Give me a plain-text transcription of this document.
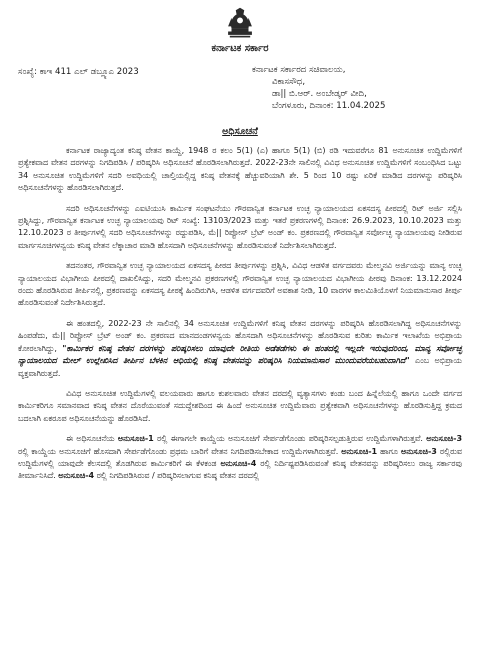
ಕರ್ನಾಟಕ ಸರ್ಕಾರ
ಸಂಖ್ಯೆ: ಕಾಇ 411 ಎಲ್ ಡಬ್ಲ್ಯೂಎ 2023	ಕರ್ನಾಟಕ ಸರ್ಕಾರದ ಸಚಿವಾಲಯ,
ವಿಕಾಸಸೌಧ,
ಡಾ|| ಬಿ.ಆರ್. ಅಂಬೇಡ್ಕರ್ ವೀದಿ,
ಬೆಂಗಳೂರು, ದಿನಾಂಕ: 11.04.2025
ಅಧಿಸೂಚನೆ

ಕರ್ನಾಟಕ ರಾಜ್ಯಾದ್ಯಂತ ಕನಿಷ್ಠ ವೇತನ ಕಾಯ್ದೆ, 1948 ರ ಕಲಂ 5(1) (ಎ) ಹಾಗೂ 5(1) (ಬಿ) ರಡಿ ಇದುವರೆಗೂ 81 ಅನುಸೂಚಿತ ಉದ್ದಿಮೆಗಳಿಗೆ ಪ್ರತ್ಯೇಕವಾದ ವೇತನ ದರಗಳನ್ನು ನಿಗದಿಪಡಿಸಿ / ಪರಿಷ್ಕರಿಸಿ ಅಧಿಸೂಚನೆ ಹೊರಡಿಸಲಾಗಿರುತ್ತದೆ. 2022-23ನೇ ಸಾಲಿನಲ್ಲಿ ವಿವಿಧ ಅನುಸೂಚಿತ ಉದ್ದಿಮೆಗಳಿಗೆ ಸಂಬಂಧಿಸಿದ ಒಟ್ಟು 34 ಅನುಸೂಚಿತ ಉದ್ದಿಮೆಗಳಿಗೆ ಸದರಿ ಅವಧಿಯಲ್ಲಿ ಚಾಲ್ತಿಯಲ್ಲಿದ್ದ ಕನಿಷ್ಠ ವೇತನಕ್ಕೆ ಹೆಚ್ಚುವರಿಯಾಗಿ ಶೇ. 5 ರಿಂದ 10 ರಷ್ಟು ಏರಿಕೆ ಮಾಡಿದ ದರಗಳನ್ನು ಪರಿಷ್ಕರಿಸಿ ಅಧಿಸೂಚನೆಗಳನ್ನು ಹೊರಡಿಸಲಾಗಿರುತ್ತದೆ.

ಸದರಿ ಅಧಿಸೂಚನೆಗಳನ್ನು ಎಐಟಿಯುಸಿ ಕಾರ್ಮಿಕ ಸಂಘಟನೆಯು ಗೌರವಾನ್ವಿತ ಕರ್ನಾಟಕ ಉಚ್ಛ ನ್ಯಾಯಾಲಯದ ಏಕಸದಸ್ಯ ಪೀಠದಲ್ಲಿ ರಿಟ್ ಅರ್ಜಿ ಸಲ್ಲಿಸಿ ಪ್ರಶ್ನಿಸಿದ್ದು, ಗೌರವಾನ್ವಿತ ಕರ್ನಾಟಕ ಉಚ್ಛ ನ್ಯಾಯಾಲಯವು ರಿಟ್ ಸಂಖ್ಯೆ: 13103/2023 ಮತ್ತು ಇತರೆ ಪ್ರಕರಣಗಳಲ್ಲಿ ದಿನಾಂಕ: 26.9.2023, 10.10.2023 ಮತ್ತು 12.10.2023 ರ ತೀರ್ಪುಗಳಲ್ಲಿ ಸದರಿ ಅಧಿಸೂಚನೆಗಳನ್ನು ರದ್ದುಪಡಿಸಿ, ಮೆ|| ರಿಪ್ಟೋಸ್ ಬ್ರೆಟ್ ಅಂಡ್ ಕಂ. ಪ್ರಕರಣದಲ್ಲಿ ಗೌರವಾನ್ವಿತ ಸರ್ವೋಚ್ಛ ನ್ಯಾಯಾಲಯವು ನೀಡಿರುವ ಮಾರ್ಗಸೂಚಿಗಳನ್ವಯ ಕನಿಷ್ಠ ವೇತನ ಲೆಕ್ಕಾಚಾರ ಮಾಡಿ ಹೊಸದಾಗಿ ಅಧಿಸೂಚನೆಗಳನ್ನು ಹೊರಡಿಸುವಂತೆ ನಿರ್ದೇಶಿಸಲಾಗಿರುತ್ತದೆ.

ತದನಂತರ, ಗೌರವಾನ್ವಿತ ಉಚ್ಛ ನ್ಯಾಯಾಲಯದ ಏಕಸದಸ್ಯ ಪೀಠದ ತೀರ್ಪುಗಳನ್ನು ಪ್ರಶ್ನಿಸಿ, ವಿವಿಧ ಆಡಳಿತ ವರ್ಗದವರು ಮೇಲ್ಮನವಿ ಅರ್ಜಿಯನ್ನು ಮಾನ್ಯ ಉಚ್ಛ ನ್ಯಾಯಾಲಯದ ವಿಭಾಗೀಯ ಪೀಠದಲ್ಲಿ ದಾಖಲಿಸಿದ್ದು, ಸದರಿ ಮೇಲ್ಮನವಿ ಪ್ರಕರಣಗಳಲ್ಲಿ ಗೌರವಾನ್ವಿತ ಉಚ್ಛ ನ್ಯಾಯಾಲಯದ ವಿಭಾಗೀಯ ಪೀಠವು ದಿನಾಂಕ: 13.12.2024 ರಂದು ಹೊರಡಿಸಿರುವ ತೀರ್ಪಿನಲ್ಲಿ, ಪ್ರಕರಣವನ್ನು ಏಕಸದಸ್ಯ ಪೀಠಕ್ಕೆ ಹಿಂದಿರುಗಿಸಿ, ಆಡಳಿತ ವರ್ಗದವರಿಗೆ ಅವಕಾಶ ನೀಡಿ, 10 ವಾರಗಳ ಕಾಲಮಿತಿಯೊಳಗೆ ನಿಯಮಾನುಸಾರ ತೀರ್ಪು ಹೊರಡಿಸುವಂತೆ ನಿರ್ದೇಶಿಸಿರುತ್ತದೆ.

ಈ ಹಂತದಲ್ಲಿ, 2022-23 ನೇ ಸಾಲಿನಲ್ಲಿ 34 ಅನುಸೂಚಿತ ಉದ್ದಿಮೆಗಳಿಗೆ ಕನಿಷ್ಠ ವೇತನ ದರಗಳನ್ನು ಪರಿಷ್ಕರಿಸಿ ಹೊರಡಿಸಲಾಗಿದ್ದ ಅಧಿಸೂಚನೆಗಳನ್ನು ಹಿಂಪಡೆದು, ಮೆ|| ರಿಪ್ಟೋಸ್ ಬ್ರೆಟ್ ಅಂಡ್ ಕಂ. ಪ್ರಕರಣದ ಮಾನದಂಡಗಳನ್ವಯ ಹೊಸದಾಗಿ ಅಧಿಸೂಚನೆಗಳನ್ನು ಹೊರಡಿಸುವ ಕುರಿತು ಕಾರ್ಮಿಕ ಇಲಾಖೆಯ ಅಭಿಪ್ರಾಯ ಕೋರಲಾಗಿದ್ದು, "ಕಾರ್ಮಿಕರ ಕನಿಷ್ಠ ವೇತನ ದರಗಳನ್ನು ಪರಿಷ್ಕರಿಸಲು ಯಾವುದೇ ರೀತಿಯ ಅಡೆತಡೆಗಳು ಈ ಹಂತದಲ್ಲಿ ಇಲ್ಲದೇ ಇರುವುದರಿಂದ, ಮಾನ್ಯ ಸರ್ವೋಚ್ಛ ನ್ಯಾಯಾಲಯದ ಮೇಲ್ ಉಲ್ಲೇಖಿಸಿದ ತೀರ್ಪಿನ ಬೆಳಕಿನ ಆಧಿಯಲ್ಲಿ ಕನಿಷ್ಠ ವೇತನವನ್ನು ಪರಿಷ್ಕರಿಸಿ ನಿಯಮಾನುಸಾರ ಮುಂದುವರೆಯಬಹುದಾಗಿದೆ" ಎಂಬ ಅಭಿಪ್ರಾಯ ವ್ಯಕ್ತವಾಗಿರುತ್ತದೆ.

ವಿವಿಧ ಅನುಸೂಚಿತ ಉದ್ದಿಮೆಗಳಲ್ಲಿ ವಲಯವಾರು ಹಾಗೂ ಕುಶಲವಾರು ವೇತನ ದರದಲ್ಲಿ ವ್ಯತ್ಯಾಸಗಳು ಕಂಡು ಬಂದ ಹಿನ್ನೆಲೆಯಲ್ಲಿ ಹಾಗೂ ಒಂದೇ ವರ್ಗದ ಕಾರ್ಮಿಕರಿಗೂ ಸಮಾನವಾದ ಕನಿಷ್ಠ ವೇತನ ದೊರೆಯುವಂತೆ ಸದುದ್ದೇಶದಿಂದ ಈ ಹಿಂದೆ ಅನುಸೂಚಿತ ಉದ್ದಿಮೆವಾರು ಪ್ರತ್ಯೇಕವಾಗಿ ಅಧಿಸೂಚನೆಗಳನ್ನು ಹೊರಡಿಸುತ್ತಿದ್ದ ಕ್ರಮದ ಬದಲಾಗಿ ಏಕರೂಪ ಅಧಿಸೂಚನೆಯನ್ನು ಹೊರಡಿಸಿದೆ.

ಈ ಅಧಿಸೂಚನೆಯ ಅನುಸೂಚಿ-1 ರಲ್ಲಿ ಈಗಾಗಲೇ ಕಾಯ್ದೆಯ ಅನುಸೂಚಿಗೆ ಸೇರ್ಪಡೆಗೊಂಡು ಪರಿಷ್ಕರಿಸಲ್ಪಡುತ್ತಿರುವ ಉದ್ದಿಮೆಗಳಾಗಿರುತ್ತವೆ. ಅನುಸೂಚಿ-3 ರಲ್ಲಿ ಕಾಯ್ದೆಯ ಅನುಸೂಚಿಗೆ ಹೊಸದಾಗಿ ಸೇರ್ಪಡೆಗೊಂಡು ಪ್ರಥಮ ಬಾರಿಗೆ ವೇತನ ನಿಗದಿಪಡಿಸಬೇಕಾದ ಉದ್ದಿಮೆಗಳಾಗಿರುತ್ತವೆ. ಅನುಸೂಚಿ-1 ಹಾಗೂ ಅನುಸೂಚಿ-3 ರಲ್ಲಿರುವ ಉದ್ದಿಮೆಗಳಲ್ಲಿ ಯಾವುದೇ ಕೆಲಸದಲ್ಲಿ ತೊಡಗಿರುವ ಕಾರ್ಮಿಕರಿಗೆ ಈ ಕೆಳಕಂಡ ಅನುಸೂಚಿ-4 ರಲ್ಲಿ ನಿರ್ದಿಷ್ಟಪಡಿಸಿರುವಂತೆ ಕನಿಷ್ಠ ವೇತನವನ್ನು ಪರಿಷ್ಕರಿಸಲು ರಾಜ್ಯ ಸರ್ಕಾರವು ತೀರ್ಮಾನಿಸಿದೆ. ಅನುಸೂಚಿ-4 ರಲ್ಲಿ ನಿಗದಿಪಡಿಸಿರುವ / ಪರಿಷ್ಕರಿಸಲಾಗುವ ಕನಿಷ್ಠ ವೇತನ ದರದಲ್ಲಿ
